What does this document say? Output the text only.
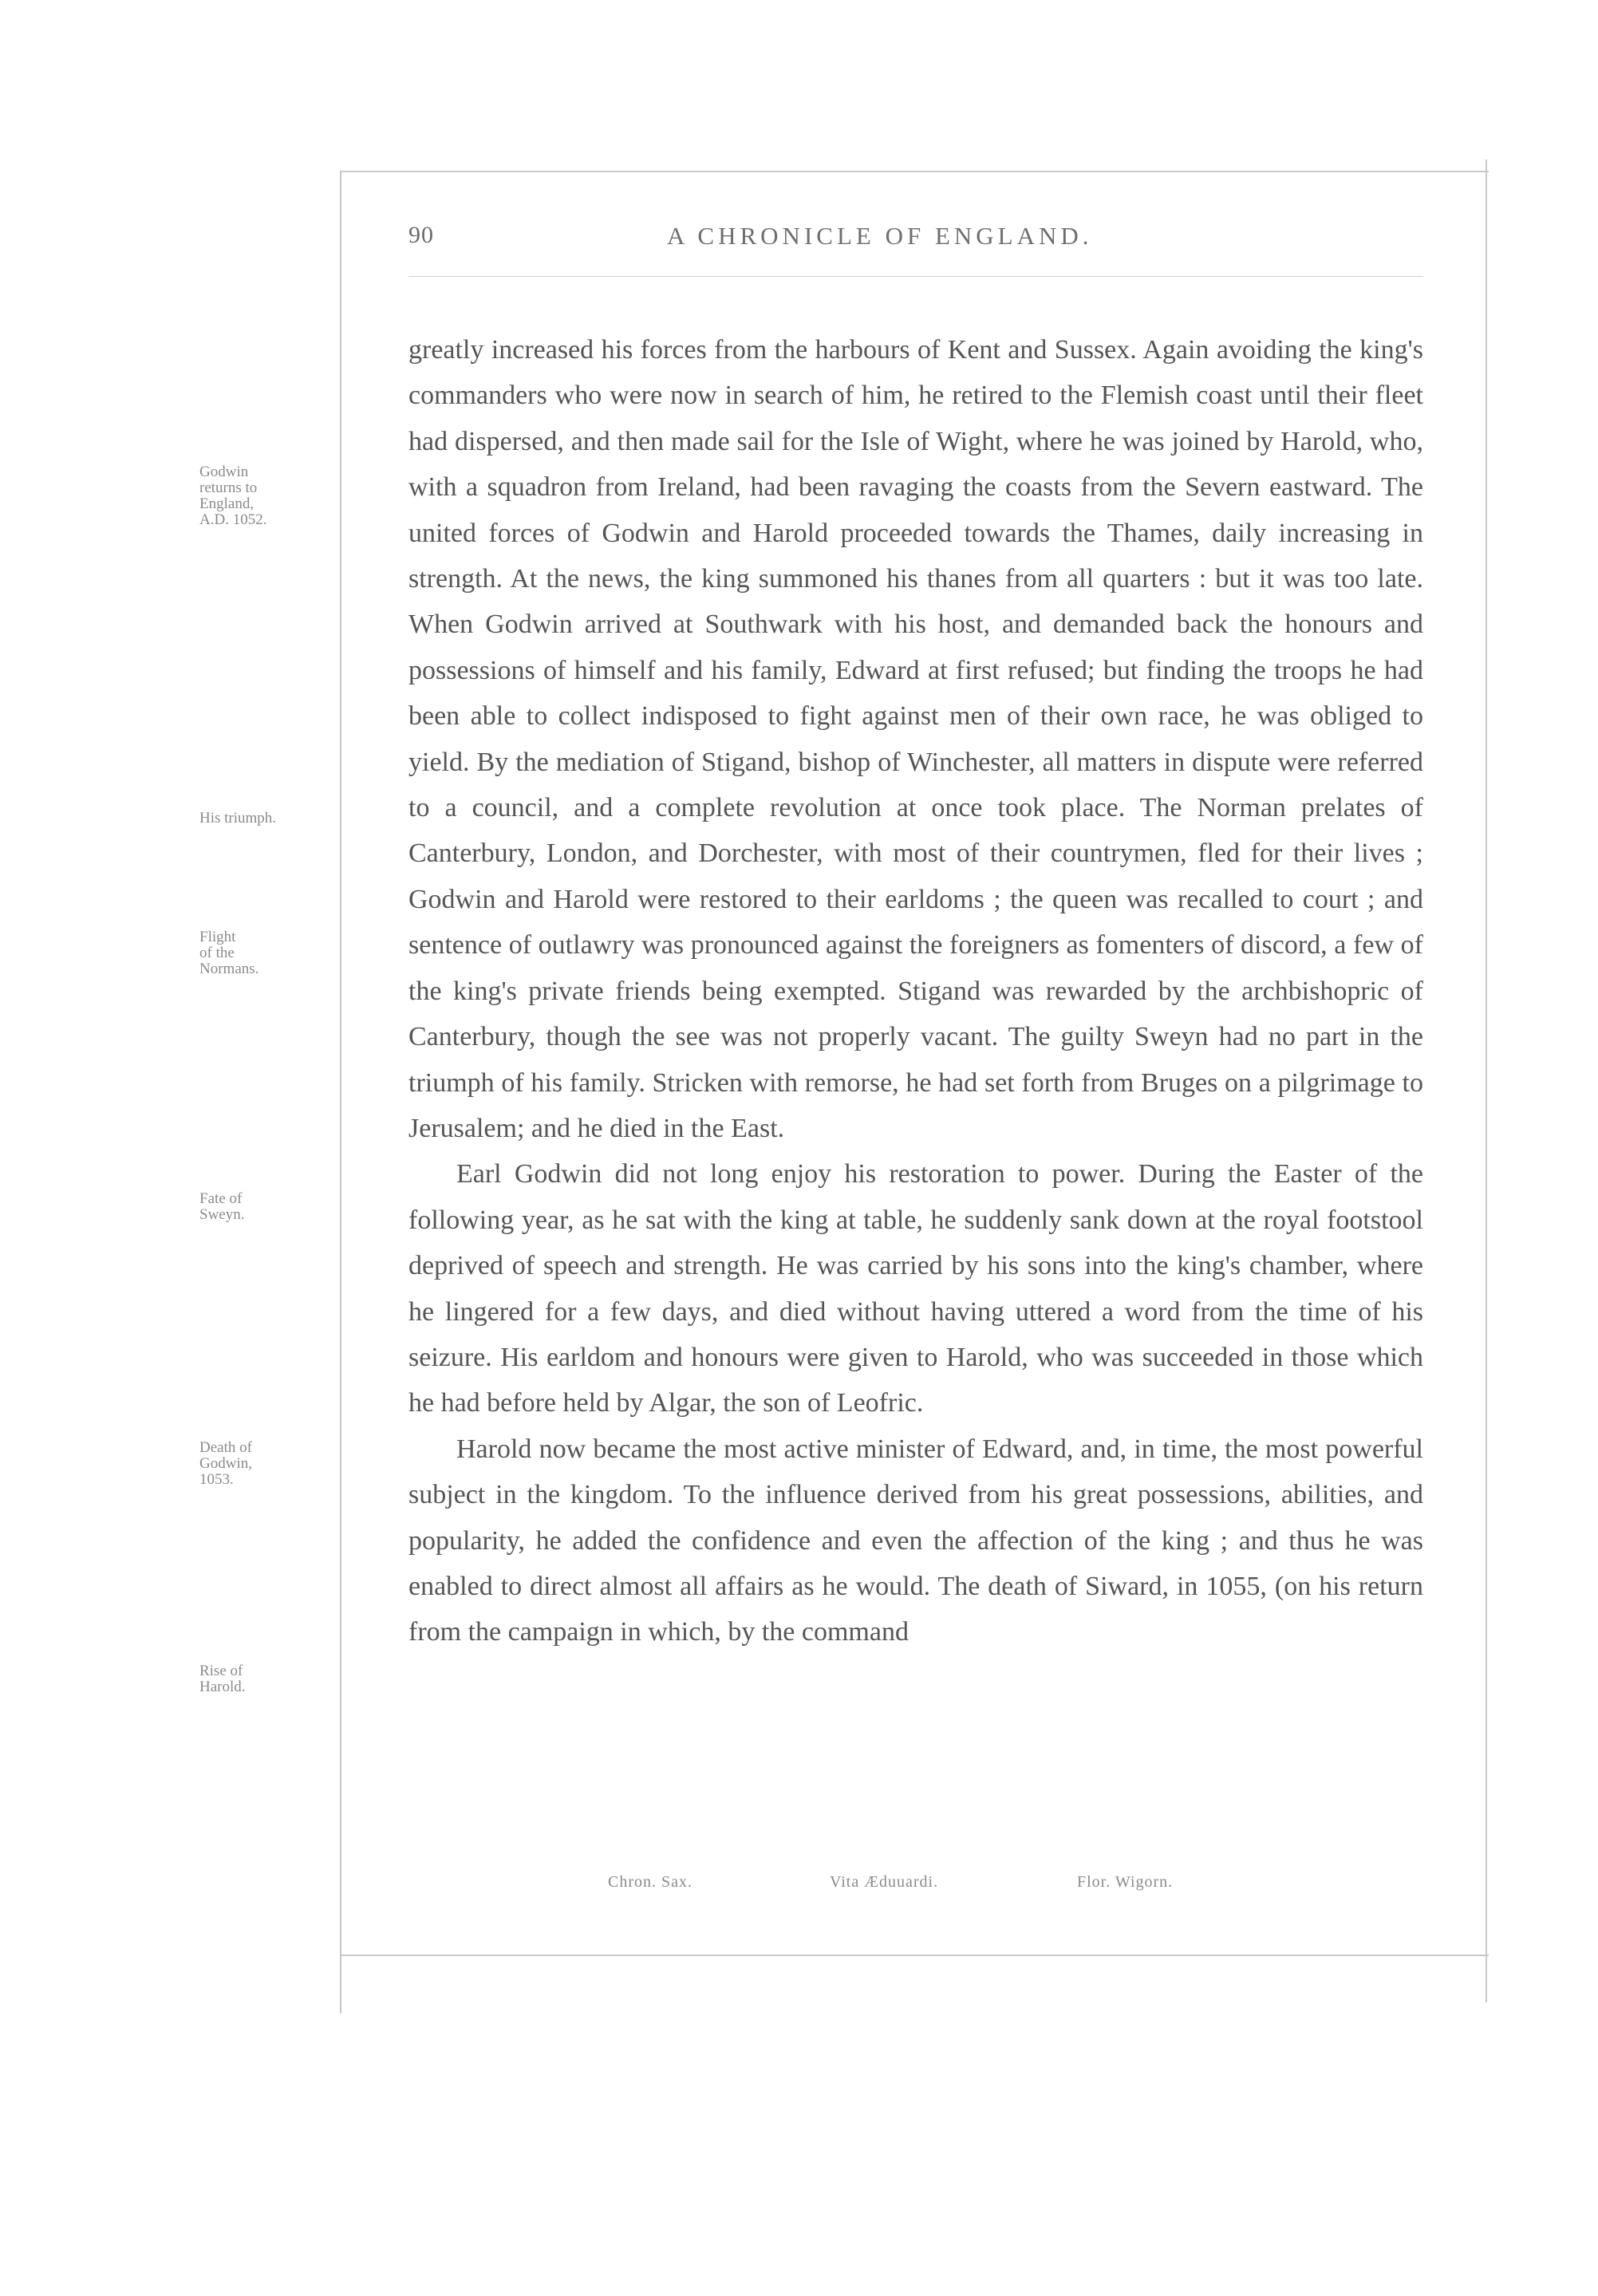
90	A CHRONICLE OF ENGLAND.
Godwin
returns to
England,
A.D. 1052.
His triumph.
Flight
of the
Normans.
Fate of
Sweyn.
Death of
Godwin,
1053.
Rise of
Harold.

greatly increased his forces from the harbours of Kent and Sussex. Again avoiding the king's commanders who were now in search of him, he retired to the Flemish coast until their fleet had dispersed, and then made sail for the Isle of Wight, where he was joined by Harold, who, with a squadron from Ireland, had been ravaging the coasts from the Severn eastward. The united forces of Godwin and Harold proceeded towards the Thames, daily increasing in strength. At the news, the king summoned his thanes from all quarters : but it was too late. When Godwin arrived at Southwark with his host, and demanded back the honours and possessions of himself and his family, Edward at first refused; but finding the troops he had been able to collect indisposed to fight against men of their own race, he was obliged to yield. By the mediation of Stigand, bishop of Winchester, all matters in dispute were referred to a council, and a complete revolution at once took place. The Norman prelates of Canterbury, London, and Dorchester, with most of their countrymen, fled for their lives ; Godwin and Harold were restored to their earldoms ; the queen was recalled to court ; and sentence of outlawry was pronounced against the foreigners as fomenters of discord, a few of the king's private friends being exempted. Stigand was rewarded by the archbishopric of Canterbury, though the see was not properly vacant. The guilty Sweyn had no part in the triumph of his family. Stricken with remorse, he had set forth from Bruges on a pilgrimage to Jerusalem; and he died in the East.

Earl Godwin did not long enjoy his restoration to power. During the Easter of the following year, as he sat with the king at table, he suddenly sank down at the royal footstool deprived of speech and strength. He was carried by his sons into the king's chamber, where he lingered for a few days, and died without having uttered a word from the time of his seizure. His earldom and honours were given to Harold, who was succeeded in those which he had before held by Algar, the son of Leofric.

Harold now became the most active minister of Edward, and, in time, the most powerful subject in the kingdom. To the influence derived from his great possessions, abilities, and popularity, he added the confidence and even the affection of the king ; and thus he was enabled to direct almost all affairs as he would. The death of Siward, in 1055, (on his return from the campaign in which, by the command

Chron. Sax.	Vita Æduuardi.	Flor. Wigorn.
